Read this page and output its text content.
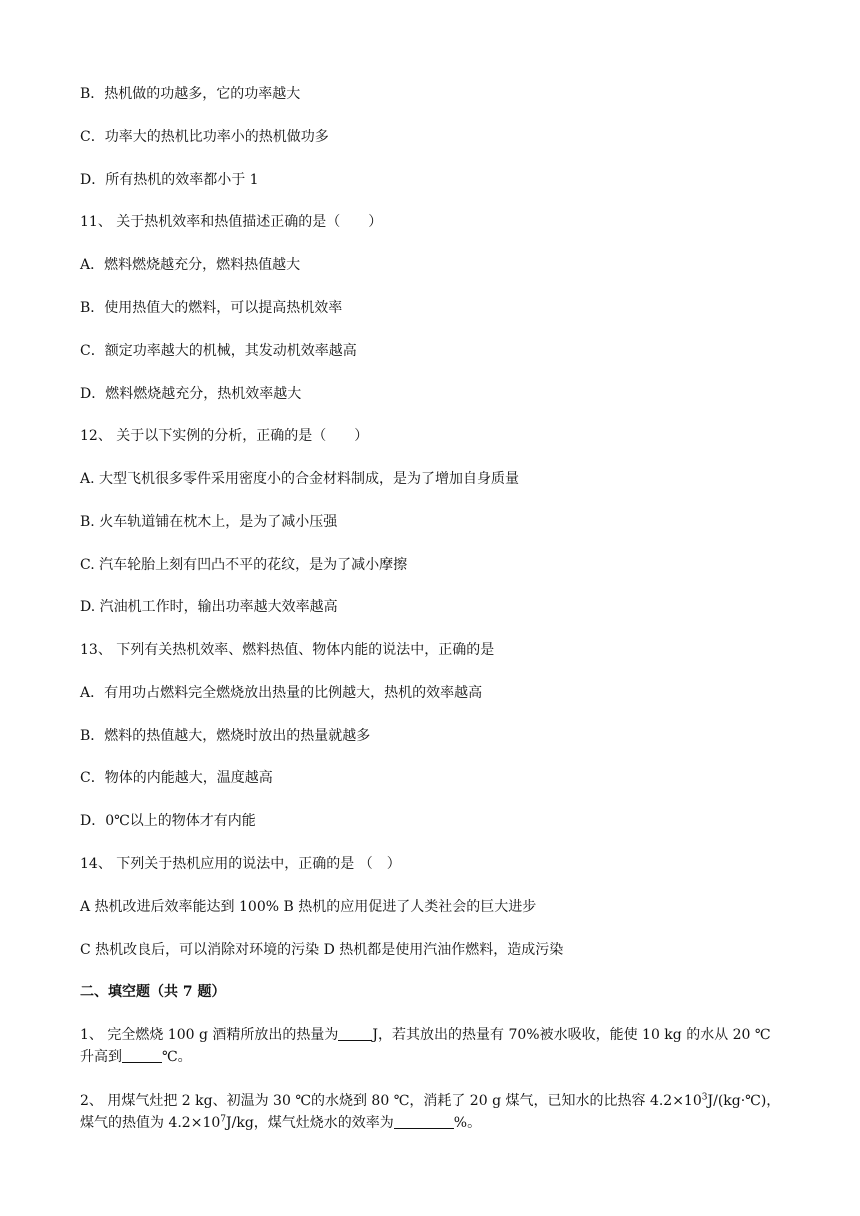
B．热机做的功越多，它的功率越大
C．功率大的热机比功率小的热机做功多
D．所有热机的效率都小于 1
11、 关于热机效率和热值描述正确的是（　　）
A．燃料燃烧越充分，燃料热值越大
B．使用热值大的燃料，可以提高热机效率
C．额定功率越大的机械，其发动机效率越高
D．燃料燃烧越充分，热机效率越大
12、 关于以下实例的分析，正确的是（　　）
A. 大型飞机很多零件采用密度小的合金材料制成，是为了增加自身质量
B. 火车轨道铺在枕木上，是为了减小压强
C. 汽车轮胎上刻有凹凸不平的花纹，是为了减小摩擦
D. 汽油机工作时，输出功率越大效率越高
13、 下列有关热机效率、燃料热值、物体内能的说法中，正确的是
A．有用功占燃料完全燃烧放出热量的比例越大，热机的效率越高
B．燃料的热值越大，燃烧时放出的热量就越多
C．物体的内能越大，温度越高
D．0℃以上的物体才有内能
14、 下列关于热机应用的说法中，正确的是 （　）
A 热机改进后效率能达到 100% B 热机的应用促进了人类社会的巨大进步
C 热机改良后，可以消除对环境的污染 D 热机都是使用汽油作燃料，造成污染
二、填空题（共 7 题）
1、 完全燃烧 100 g 酒精所放出的热量为 J，若其放出的热量有 70%被水吸收，能使 10 kg 的水从 20 ℃
升高到	℃。
2、 用煤气灶把 2 kg、初温为 30 ℃的水烧到 80 ℃，消耗了 20 g 煤气，已知水的比热容 $4.2\times 10^3J/(kg\cdot℃)$，
煤气的热值为 $4.2\times 10^7J/kg$，煤气灶烧水的效率为	%。
